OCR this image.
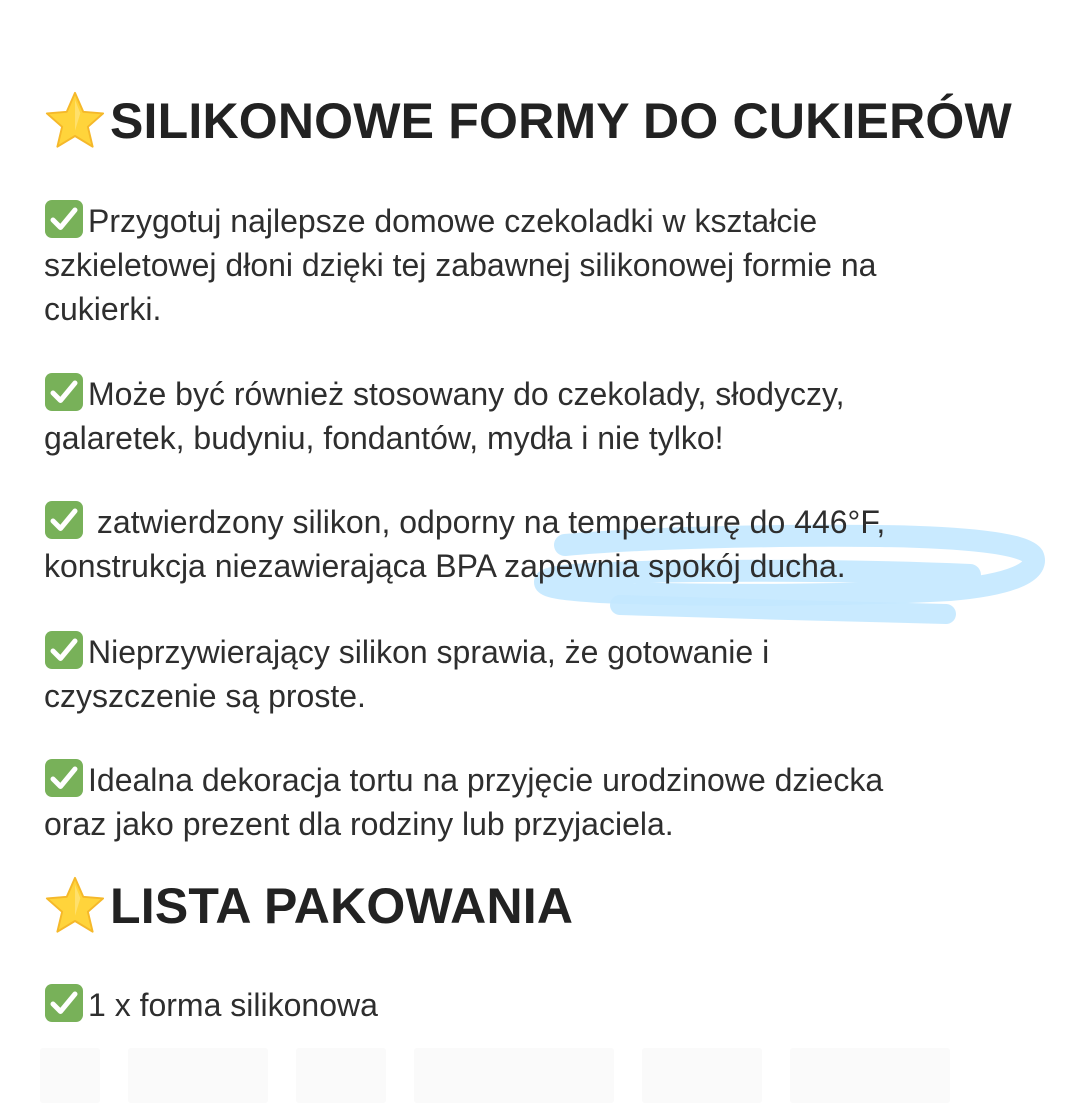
SILIKONOWE FORMY DO CUKIERÓW

Przygotuj najlepsze domowe czekoladki w kształcie
szkieletowej dłoni dzięki tej zabawnej silikonowej formie na
cukierki.

Może być również stosowany do czekolady, słodyczy,
galaretek, budyniu, fondantów, mydła i nie tylko!

zatwierdzony silikon, odporny na temperaturę do 446°F,
konstrukcja niezawierająca BPA zapewnia spokój ducha.

Nieprzywierający silikon sprawia, że gotowanie i
czyszczenie są proste.

Idealna dekoracja tortu na przyjęcie urodzinowe dziecka
oraz jako prezent dla rodziny lub przyjaciela.

LISTA PAKOWANIA

1 x forma silikonowa
